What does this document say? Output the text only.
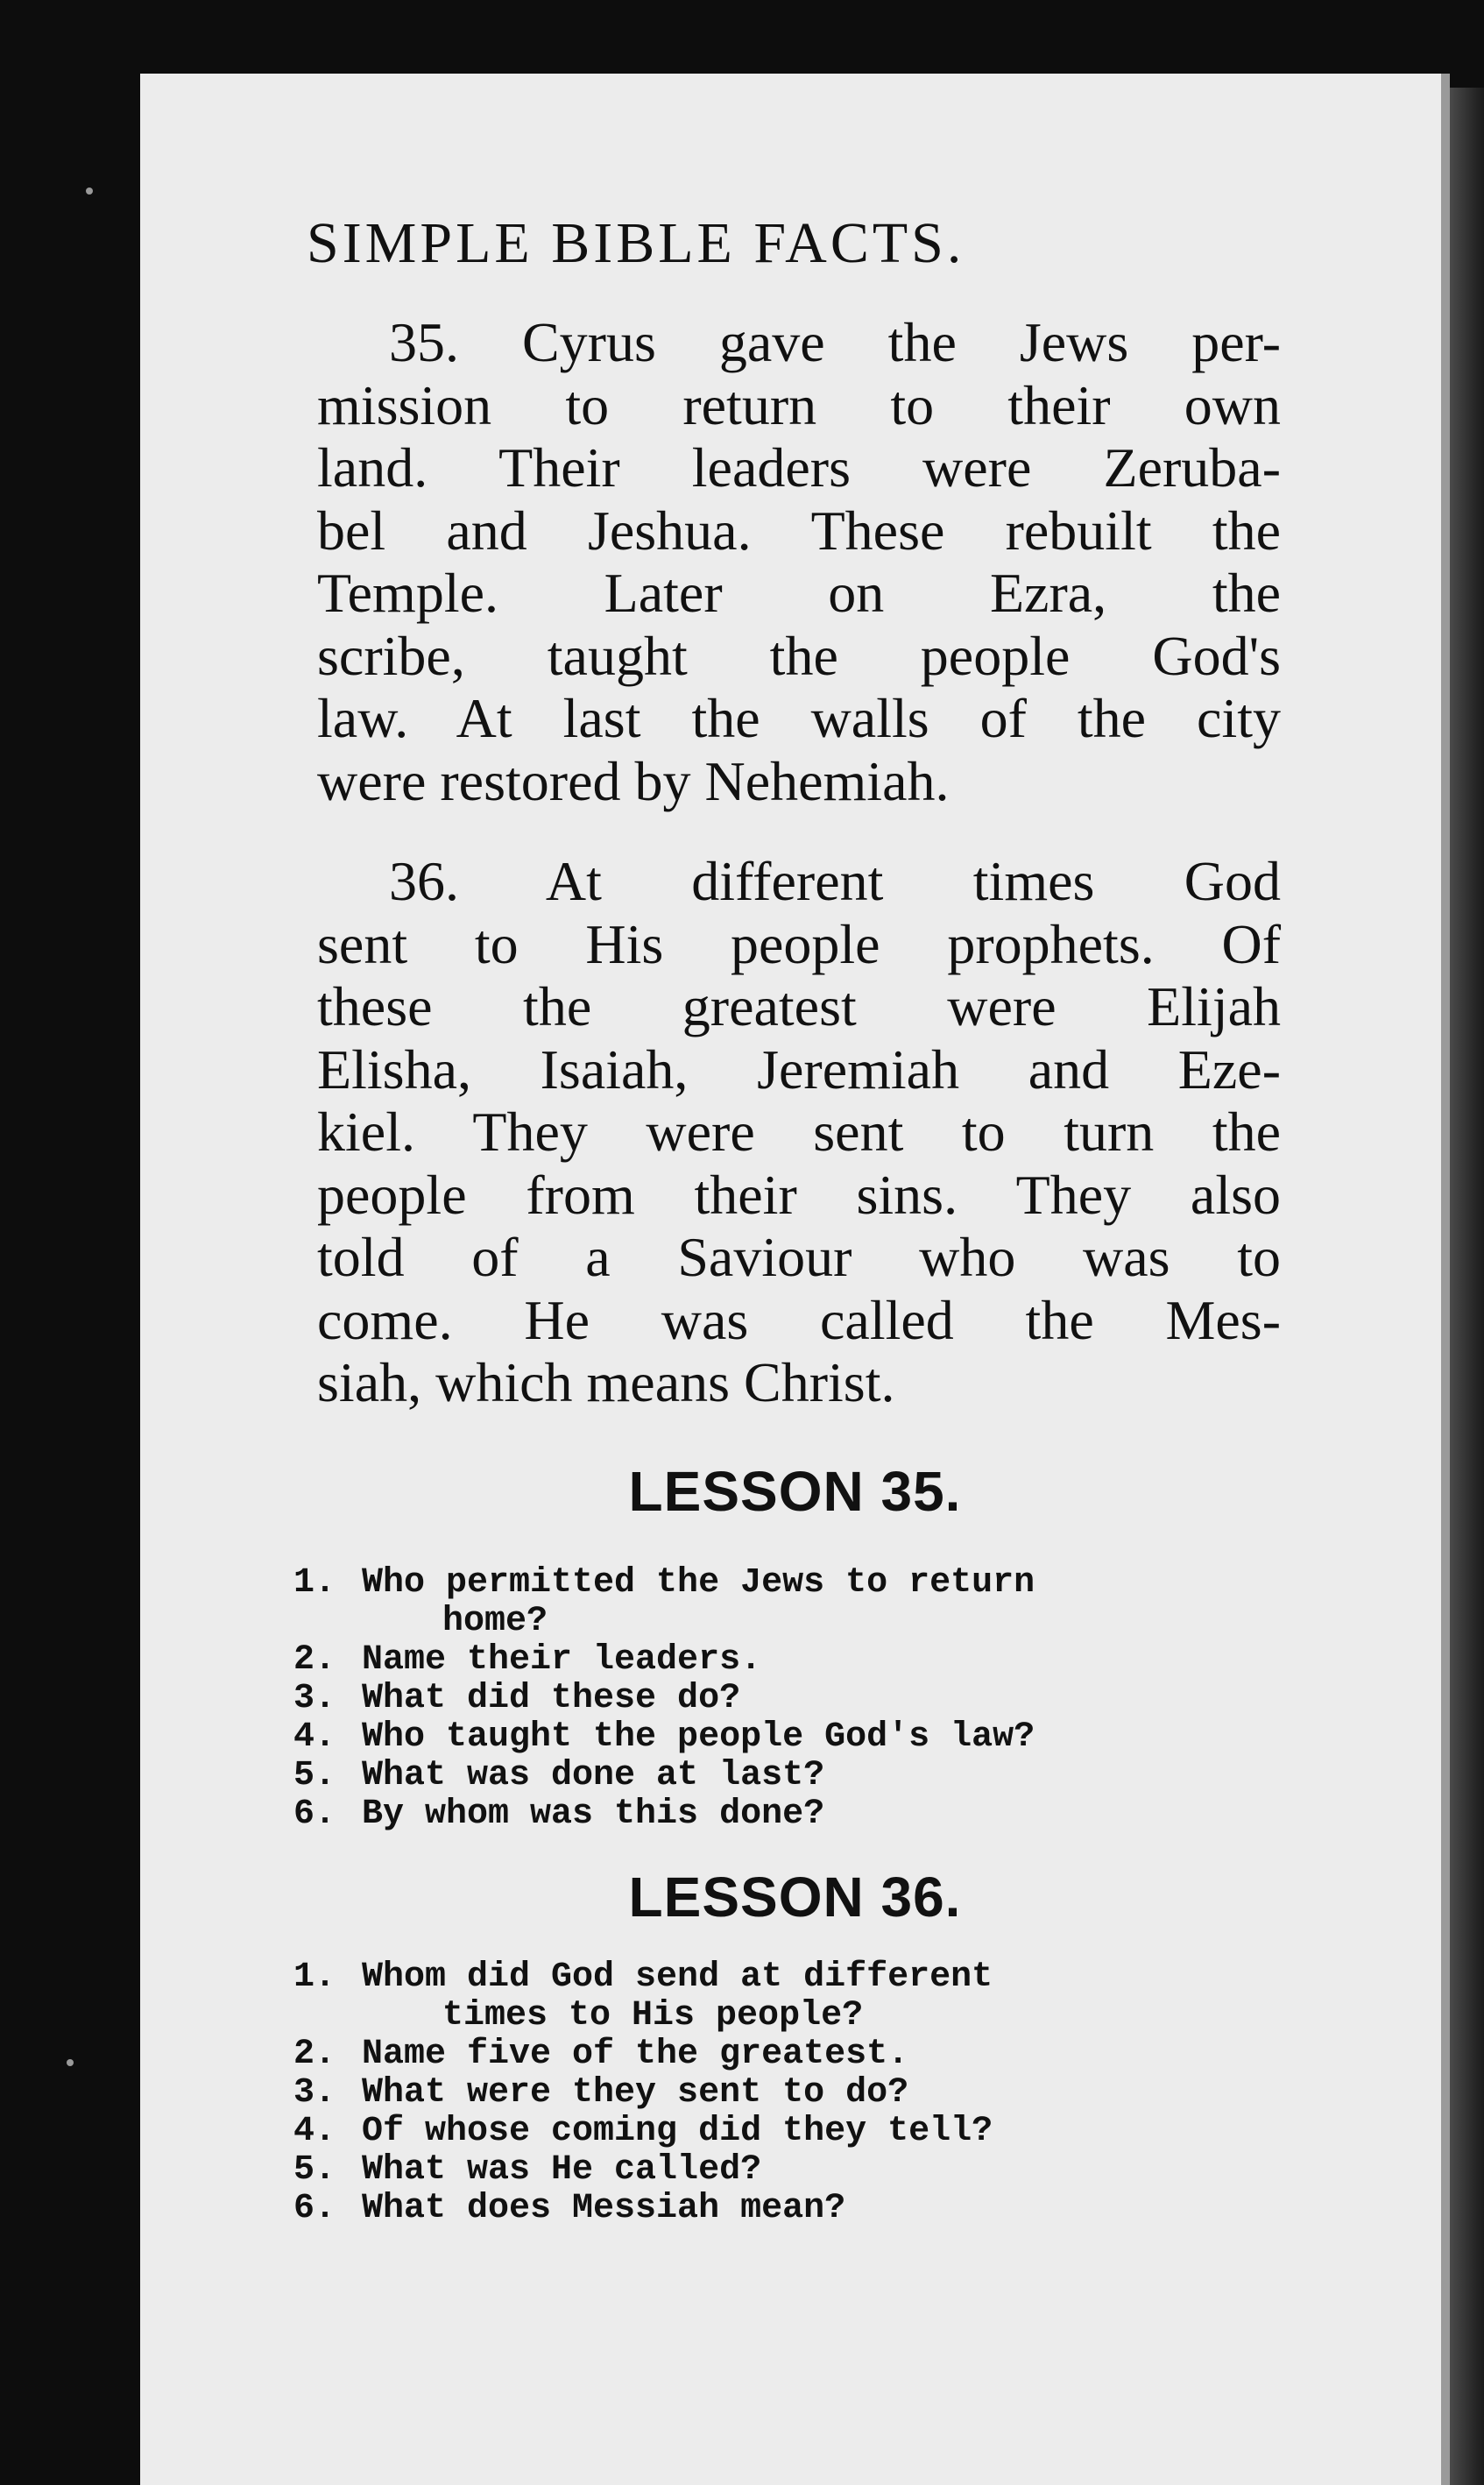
SIMPLE BIBLE FACTS.
35. Cyrus gave the Jews per-
mission to return to their own
land. Their leaders were Zeruba-
bel and Jeshua. These rebuilt the
Temple. Later on Ezra, the
scribe, taught the people God's
law. At last the walls of the city
were restored by Nehemiah.
36. At different times God
sent to His people prophets. Of
these the greatest were Elijah
Elisha, Isaiah, Jeremiah and Eze-
kiel. They were sent to turn the
people from their sins. They also
told of a Saviour who was to
come. He was called the Mes-
siah, which means Christ.
LESSON 35.
1. Who permitted the Jews to return
home?
2. Name their leaders.
3. What did these do?
4. Who taught the people God's law?
5. What was done at last?
6. By whom was this done?
LESSON 36.
1. Whom did God send at different
times to His people?
2. Name five of the greatest.
3. What were they sent to do?
4. Of whose coming did they tell?
5. What was He called?
6. What does Messiah mean?
